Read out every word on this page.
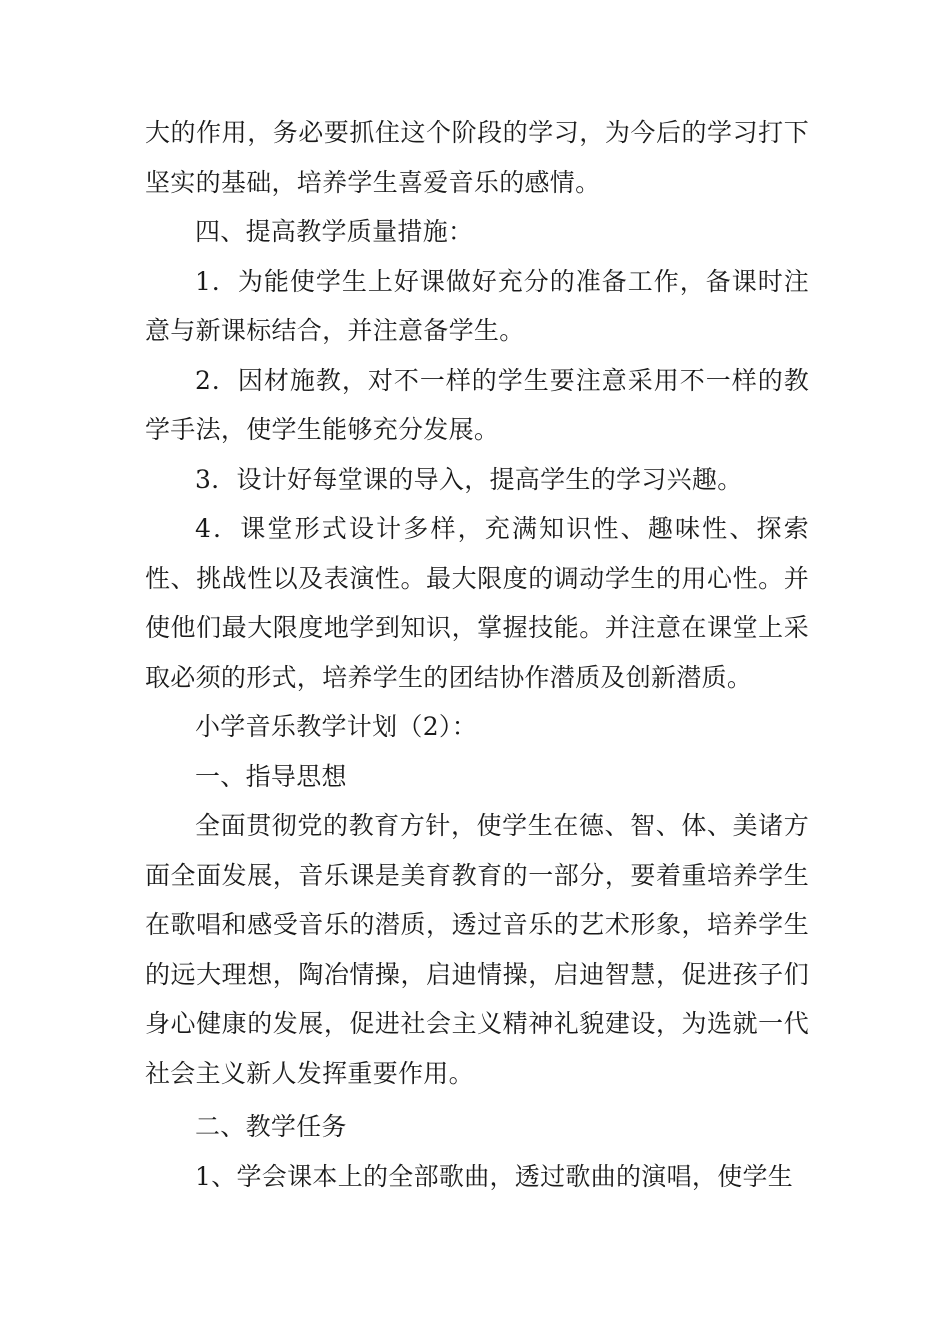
大的作用，务必要抓住这个阶段的学习，为今后的学习打下坚实的基础，培养学生喜爱音乐的感情。

四、提高教学质量措施：

1．为能使学生上好课做好充分的准备工作，备课时注意与新课标结合，并注意备学生。

2．因材施教，对不一样的学生要注意采用不一样的教学手法，使学生能够充分发展。

3．设计好每堂课的导入，提高学生的学习兴趣。

4．课堂形式设计多样，充满知识性、趣味性、探索性、挑战性以及表演性。最大限度的调动学生的用心性。并使他们最大限度地学到知识，掌握技能。并注意在课堂上采取必须的形式，培养学生的团结协作潜质及创新潜质。

小学音乐教学计划（2）：

一、指导思想

全面贯彻党的教育方针，使学生在德、智、体、美诸方面全面发展，音乐课是美育教育的一部分，要着重培养学生在歌唱和感受音乐的潜质，透过音乐的艺术形象，培养学生的远大理想，陶冶情操，启迪情操，启迪智慧，促进孩子们身心健康的发展，促进社会主义精神礼貌建设，为选就一代社会主义新人发挥重要作用。

二、教学任务

1、学会课本上的全部歌曲，透过歌曲的演唱，使学生
